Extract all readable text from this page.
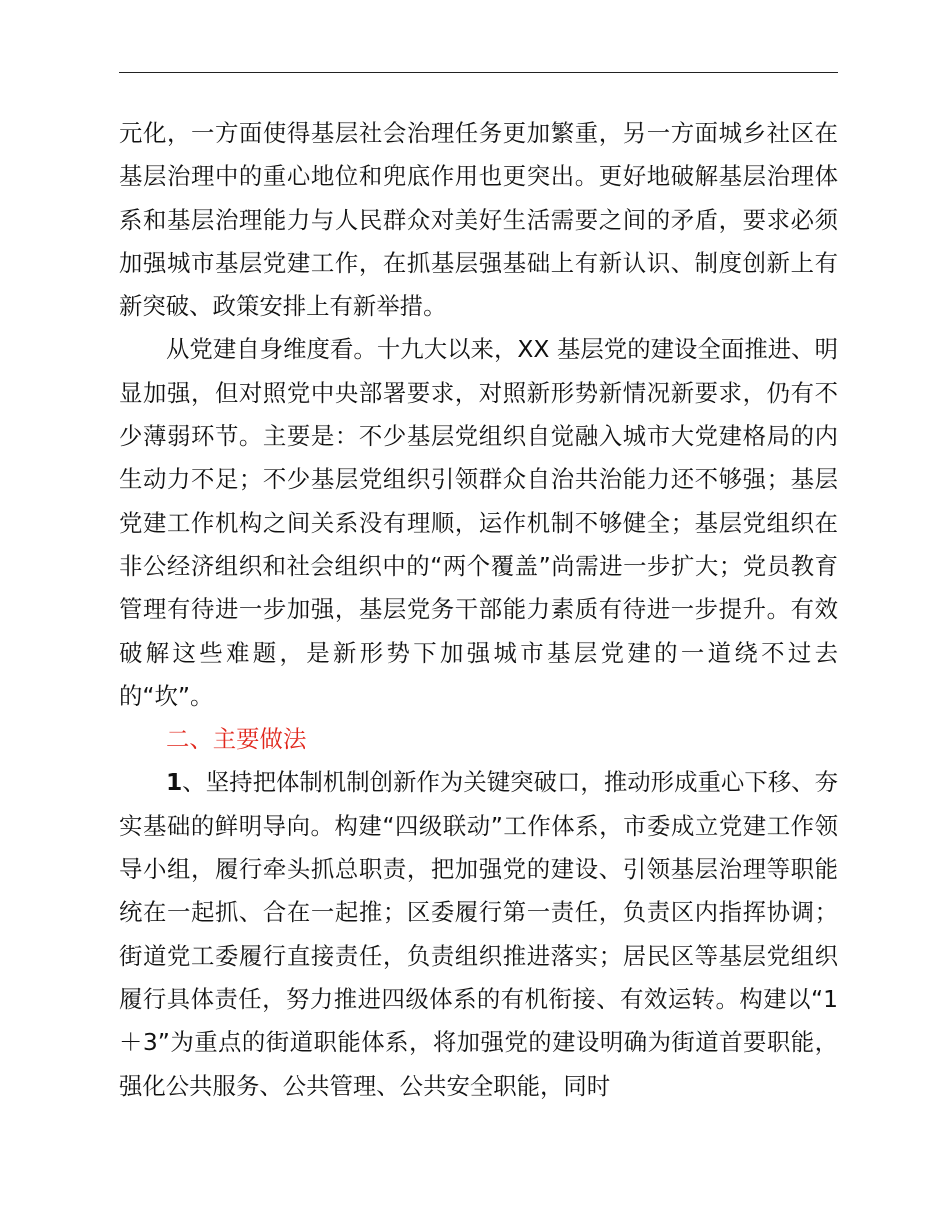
元化，一方面使得基层社会治理任务更加繁重，另一方面城乡社区在基层治理中的重心地位和兜底作用也更突出。更好地破解基层治理体系和基层治理能力与人民群众对美好生活需要之间的矛盾，要求必须加强城市基层党建工作，在抓基层强基础上有新认识、制度创新上有新突破、政策安排上有新举措。

从党建自身维度看。十九大以来，XX 基层党的建设全面推进、明显加强，但对照党中央部署要求，对照新形势新情况新要求，仍有不少薄弱环节。主要是：不少基层党组织自觉融入城市大党建格局的内生动力不足；不少基层党组织引领群众自治共治能力还不够强；基层党建工作机构之间关系没有理顺，运作机制不够健全；基层党组织在非公经济组织和社会组织中的“两个覆盖”尚需进一步扩大；党员教育管理有待进一步加强，基层党务干部能力素质有待进一步提升。有效破解这些难题，是新形势下加强城市基层党建的一道绕不过去的“坎”。

二、主要做法

1、坚持把体制机制创新作为关键突破口，推动形成重心下移、夯实基础的鲜明导向。构建“四级联动”工作体系，市委成立党建工作领导小组，履行牵头抓总职责，把加强党的建设、引领基层治理等职能统在一起抓、合在一起推；区委履行第一责任，负责区内指挥协调；街道党工委履行直接责任，负责组织推进落实；居民区等基层党组织履行具体责任，努力推进四级体系的有机衔接、有效运转。构建以“1＋3”为重点的街道职能体系，将加强党的建设明确为街道首要职能，强化公共服务、公共管理、公共安全职能，同时
